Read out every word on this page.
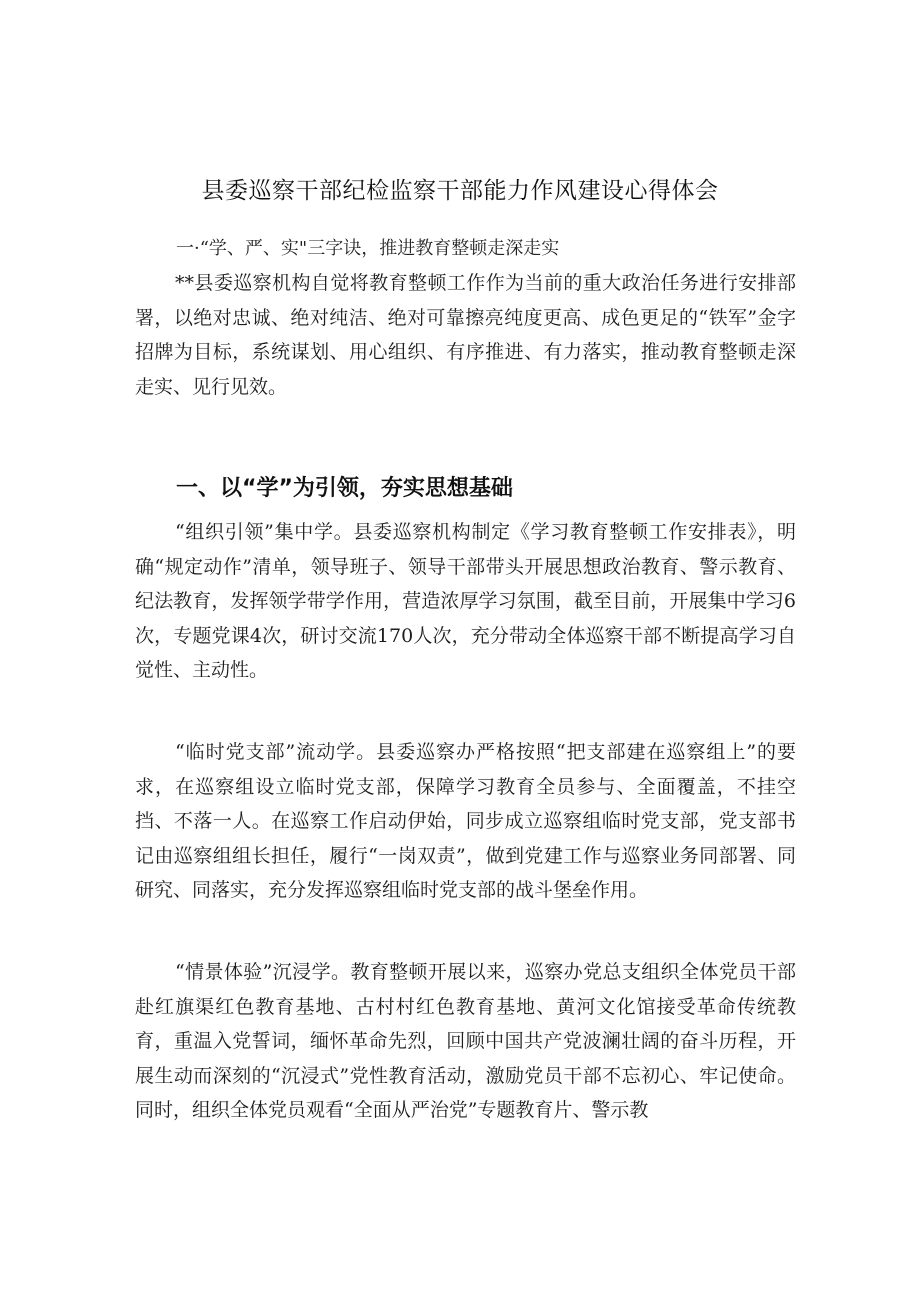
县委巡察干部纪检监察干部能力作风建设心得体会
一·“学、严、实"三字诀，推进教育整顿走深走实

**县委巡察机构自觉将教育整顿工作作为当前的重大政治任务进行安排部署，以绝对忠诚、绝对纯洁、绝对可靠擦亮纯度更高、成色更足的“铁军”金字招牌为目标，系统谋划、用心组织、有序推进、有力落实，推动教育整顿走深走实、见行见效。

一、以“学”为引领，夯实思想基础

“组织引领”集中学。县委巡察机构制定《学习教育整顿工作安排表》，明确“规定动作”清单，领导班子、领导干部带头开展思想政治教育、警示教育、纪法教育，发挥领学带学作用，营造浓厚学习氛围，截至目前，开展集中学习6次，专题党课4次，研讨交流170人次，充分带动全体巡察干部不断提高学习自觉性、主动性。

“临时党支部”流动学。县委巡察办严格按照“把支部建在巡察组上”的要求，在巡察组设立临时党支部，保障学习教育全员参与、全面覆盖，不挂空挡、不落一人。在巡察工作启动伊始，同步成立巡察组临时党支部，党支部书记由巡察组组长担任，履行“一岗双责”，做到党建工作与巡察业务同部署、同研究、同落实，充分发挥巡察组临时党支部的战斗堡垒作用。

“情景体验”沉浸学。教育整顿开展以来，巡察办党总支组织全体党员干部赴红旗渠红色教育基地、古村村红色教育基地、黄河文化馆接受革命传统教育，重温入党誓词，缅怀革命先烈，回顾中国共产党波澜壮阔的奋斗历程，开展生动而深刻的“沉浸式”党性教育活动，激励党员干部不忘初心、牢记使命。同时，组织全体党员观看“全面从严治党”专题教育片、警示教
